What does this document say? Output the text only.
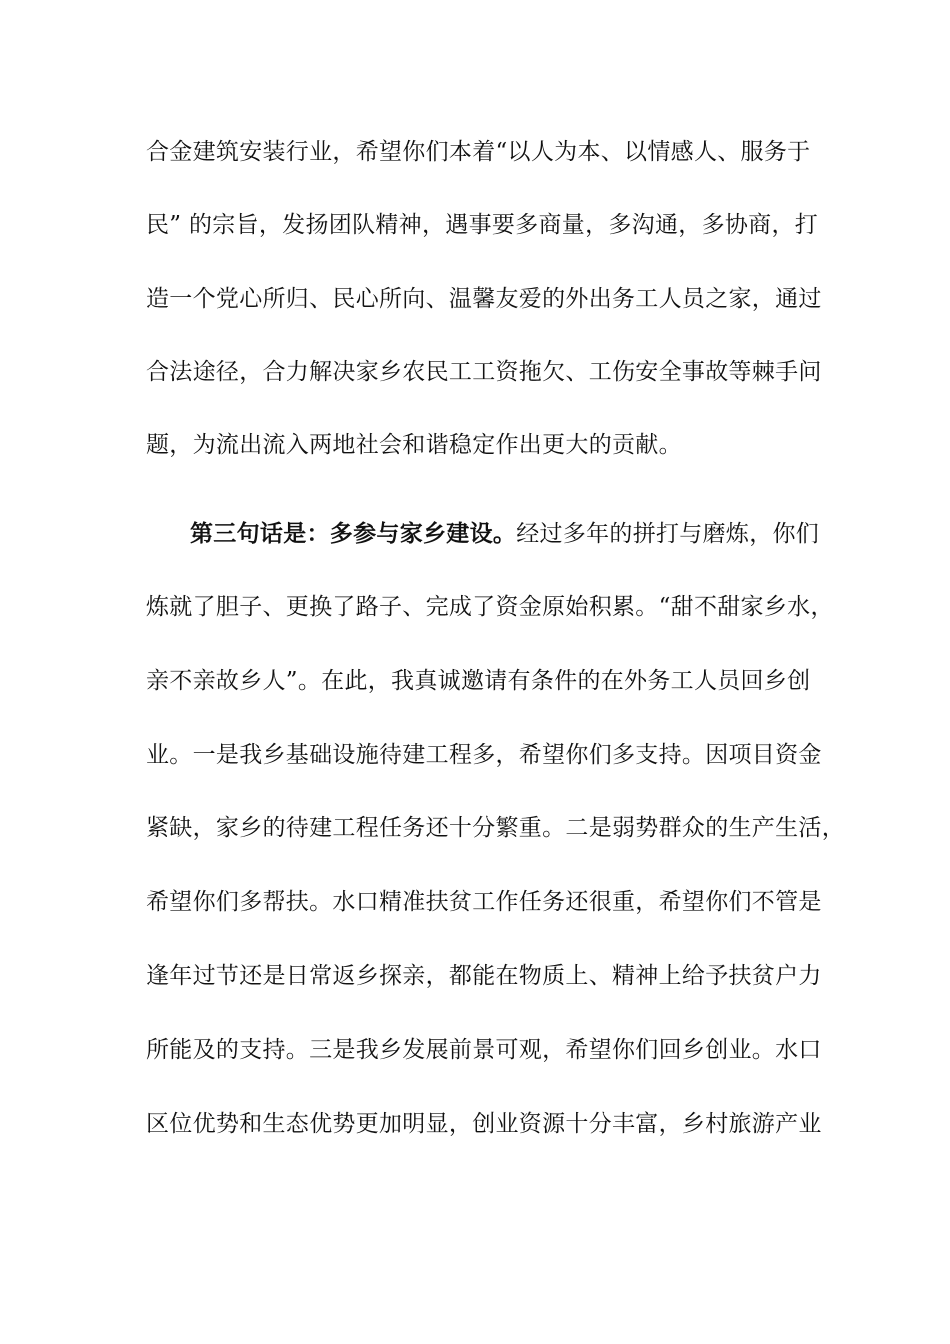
合金建筑安装行业，希望你们本着“以人为本、以情感人、服务于
民” 的宗旨，发扬团队精神，遇事要多商量，多沟通，多协商，打
造一个党心所归、民心所向、温馨友爱的外出务工人员之家，通过
合法途径，合力解决家乡农民工工资拖欠、工伤安全事故等棘手问
题，为流出流入两地社会和谐稳定作出更大的贡献。
第三句话是：多参与家乡建设。经过多年的拼打与磨炼，你们
炼就了胆子、更换了路子、完成了资金原始积累。“甜不甜家乡水，
亲不亲故乡人”。在此，我真诚邀请有条件的在外务工人员回乡创
业。一是我乡基础设施待建工程多，希望你们多支持。因项目资金
紧缺，家乡的待建工程任务还十分繁重。二是弱势群众的生产生活，
希望你们多帮扶。水口精准扶贫工作任务还很重，希望你们不管是
逢年过节还是日常返乡探亲，都能在物质上、精神上给予扶贫户力
所能及的支持。三是我乡发展前景可观，希望你们回乡创业。水口
区位优势和生态优势更加明显，创业资源十分丰富，乡村旅游产业
